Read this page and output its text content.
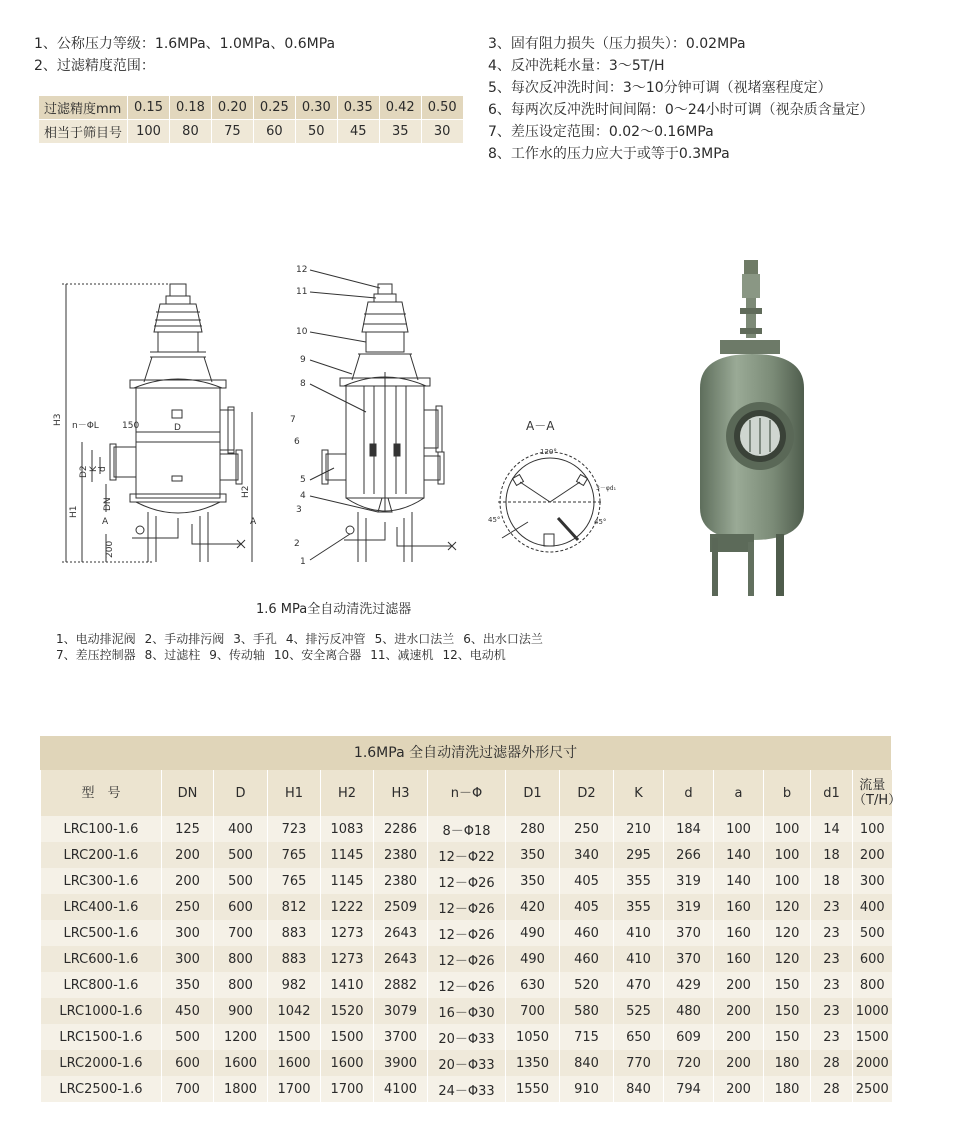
1、公称压力等级：1.6MPa、1.0MPa、0.6MPa
2、过滤精度范围：
过滤精度mm	0.15	0.18	0.20	0.25	0.30	0.35	0.42	0.50
相当于筛目号	100	80	75	60	50	45	35	30
3、固有阻力损失（压力损失）：0.02MPa
4、反冲洗耗水量：3～5T/H
5、每次反冲洗时间：3～10分钟可调（视堵塞程度定）
6、每两次反冲洗时间间隔：0～24小时可调（视杂质含量定）
7、差压设定范围：0.02～0.16MPa
8、工作水的压力应大于或等于0.3MPa
H3
H1
H2
D
D2 K d
DN
n－ΦL	150
200
A	A
7
6
2
3
12
11
10
9
8
5
4
1
A－A
120°
3－φd₁
45°	45°
1.6 MPa全自动清洗过滤器
1、电动排泥阀 2、手动排污阀 3、手孔 4、排污反冲管 5、进水口法兰 6、出水口法兰
7、差压控制器 8、过滤柱 9、传动轴 10、安全离合器 11、减速机 12、电动机
1.6MPa 全自动清洗过滤器外形尺寸
型　号	DN	D	H1	H2	H3	n－Φ	D1	D2	K	d	a	b	d1	流量
（T/H）
LRC100-1.6	125	400	723	1083	2286	8－Φ18	280	250	210	184	100	100	14	100
LRC200-1.6	200	500	765	1145	2380	12－Φ22	350	340	295	266	140	100	18	200
LRC300-1.6	200	500	765	1145	2380	12－Φ26	350	405	355	319	140	100	18	300
LRC400-1.6	250	600	812	1222	2509	12－Φ26	420	405	355	319	160	120	23	400
LRC500-1.6	300	700	883	1273	2643	12－Φ26	490	460	410	370	160	120	23	500
LRC600-1.6	300	800	883	1273	2643	12－Φ26	490	460	410	370	160	120	23	600
LRC800-1.6	350	800	982	1410	2882	12－Φ26	630	520	470	429	200	150	23	800
LRC1000-1.6	450	900	1042	1520	3079	16－Φ30	700	580	525	480	200	150	23	1000
LRC1500-1.6	500	1200	1500	1500	3700	20－Φ33	1050	715	650	609	200	150	23	1500
LRC2000-1.6	600	1600	1600	1600	3900	20－Φ33	1350	840	770	720	200	180	28	2000
LRC2500-1.6	700	1800	1700	1700	4100	24－Φ33	1550	910	840	794	200	180	28	2500
